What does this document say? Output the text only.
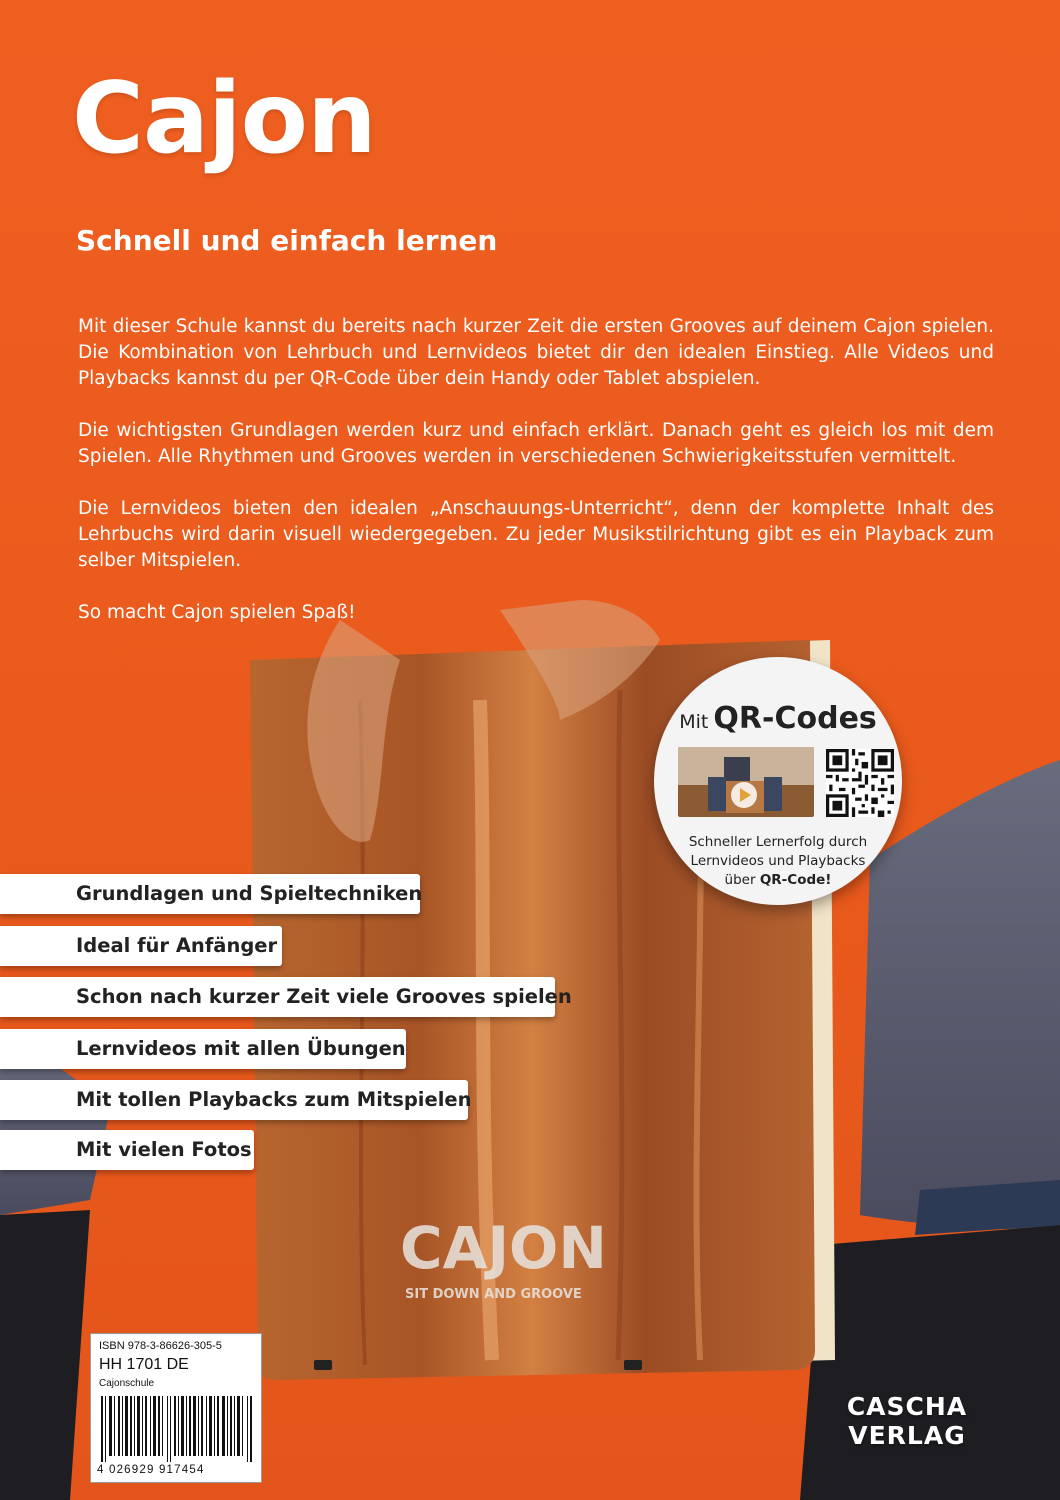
CAJON
SIT DOWN AND GROOVE
Cajon
Schnell und einfach lernen

Mit dieser Schule kannst du bereits nach kurzer Zeit die ersten Grooves auf deinem Cajon spielen. Die Kombination von Lehrbuch und Lernvideos bietet dir den idealen Einstieg. Alle Videos und Playbacks kannst du per QR-Code über dein Handy oder Tablet abspielen.

Die wichtigsten Grundlagen werden kurz und einfach erklärt. Danach geht es gleich los mit dem Spielen. Alle Rhythmen und Grooves werden in verschiedenen Schwierigkeitsstufen vermittelt.

Die Lernvideos bieten den idealen „Anschauungs-Unterricht“, denn der komplette Inhalt des Lehrbuchs wird darin visuell wiedergegeben. Zu jeder Musikstilrichtung gibt es ein Playback zum selber Mitspielen.

So macht Cajon spielen Spaß!

Mit QR-Codes
Schneller Lernerfolg durch
Lernvideos und Playbacks
über QR-Code!
Grundlagen und Spieltechniken
Ideal für Anfänger
Schon nach kurzer Zeit viele Grooves spielen
Lernvideos mit allen Übungen
Mit tollen Playbacks zum Mitspielen
Mit vielen Fotos
ISBN 978-3-86626-305-5
HH 1701 DE
Cajonschule
4 026929 917454
CASCHA
VERLAG
